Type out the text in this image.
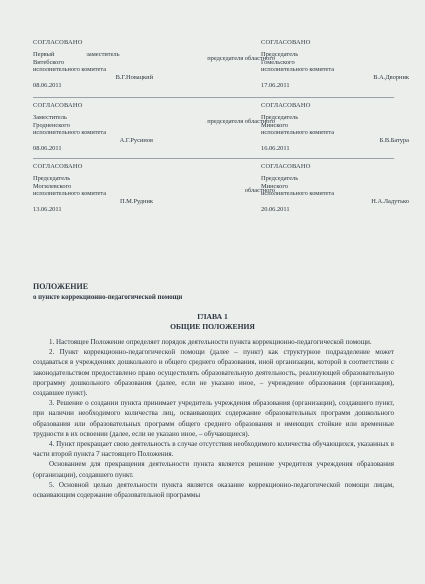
СОГЛАСОВАНО
Первый                    заместитель
Витебского
исполнительного комитета
В.Г.Новацкий
08.06.2011
председателя областного
СОГЛАСОВАНО
Председатель
Гомельского
исполнительного комитета
В.А.Дворник
17.06.2011
СОГЛАСОВАНО
Заместитель
Гродненского
исполнительного комитета
А.Г.Русинов
08.06.2011
председателя областного
СОГЛАСОВАНО
Председатель
Минского
исполнительного комитета
Б.В.Батура
16.06.2011
СОГЛАСОВАНО
Председатель
Могилевского
исполнительного комитета
П.М.Рудник
13.06.2011
областного
СОГЛАСОВАНО
Председатель
Минского
исполнительного комитета
Н.А.Ладутько
20.06.2011
ПОЛОЖЕНИЕ
о пункте коррекционно-педагогической помощи
ГЛАВА 1
ОБЩИЕ ПОЛОЖЕНИЯ

1. Настоящее Положение определяет порядок деятельности пункта коррекционно-педагогической помощи.

2. Пункт коррекционно-педагогической помощи (далее – пункт) как структурное подразделение может создаваться в учреждениях дошкольного и общего среднего образования, иной организации, которой в соответствии с законодательством предоставлено право осуществлять образовательную деятельность, реализующей образовательную программу дошкольного образования (далее, если не указано иное, – учреждение образования (организация), создавшее пункт).

3. Решение о создании пункта принимает учредитель учреждения образования (организации), создавшего пункт, при наличии необходимого количества лиц, осваивающих содержание образовательных программ дошкольного образования или образовательных программ общего среднего образования и имеющих стойкие или временные трудности в их освоении (далее, если не указано иное, – обучающиеся).

4. Пункт прекращает свою деятельность в случае отсутствия необходимого количества обучающихся, указанных в части второй пункта 7 настоящего Положения.

Основанием для прекращения деятельности пункта является решение учредителя учреждения образования (организации), создавшего пункт.

5. Основной целью деятельности пункта является оказание коррекционно-педагогической помощи лицам, осваивающим содержание образовательной программы
